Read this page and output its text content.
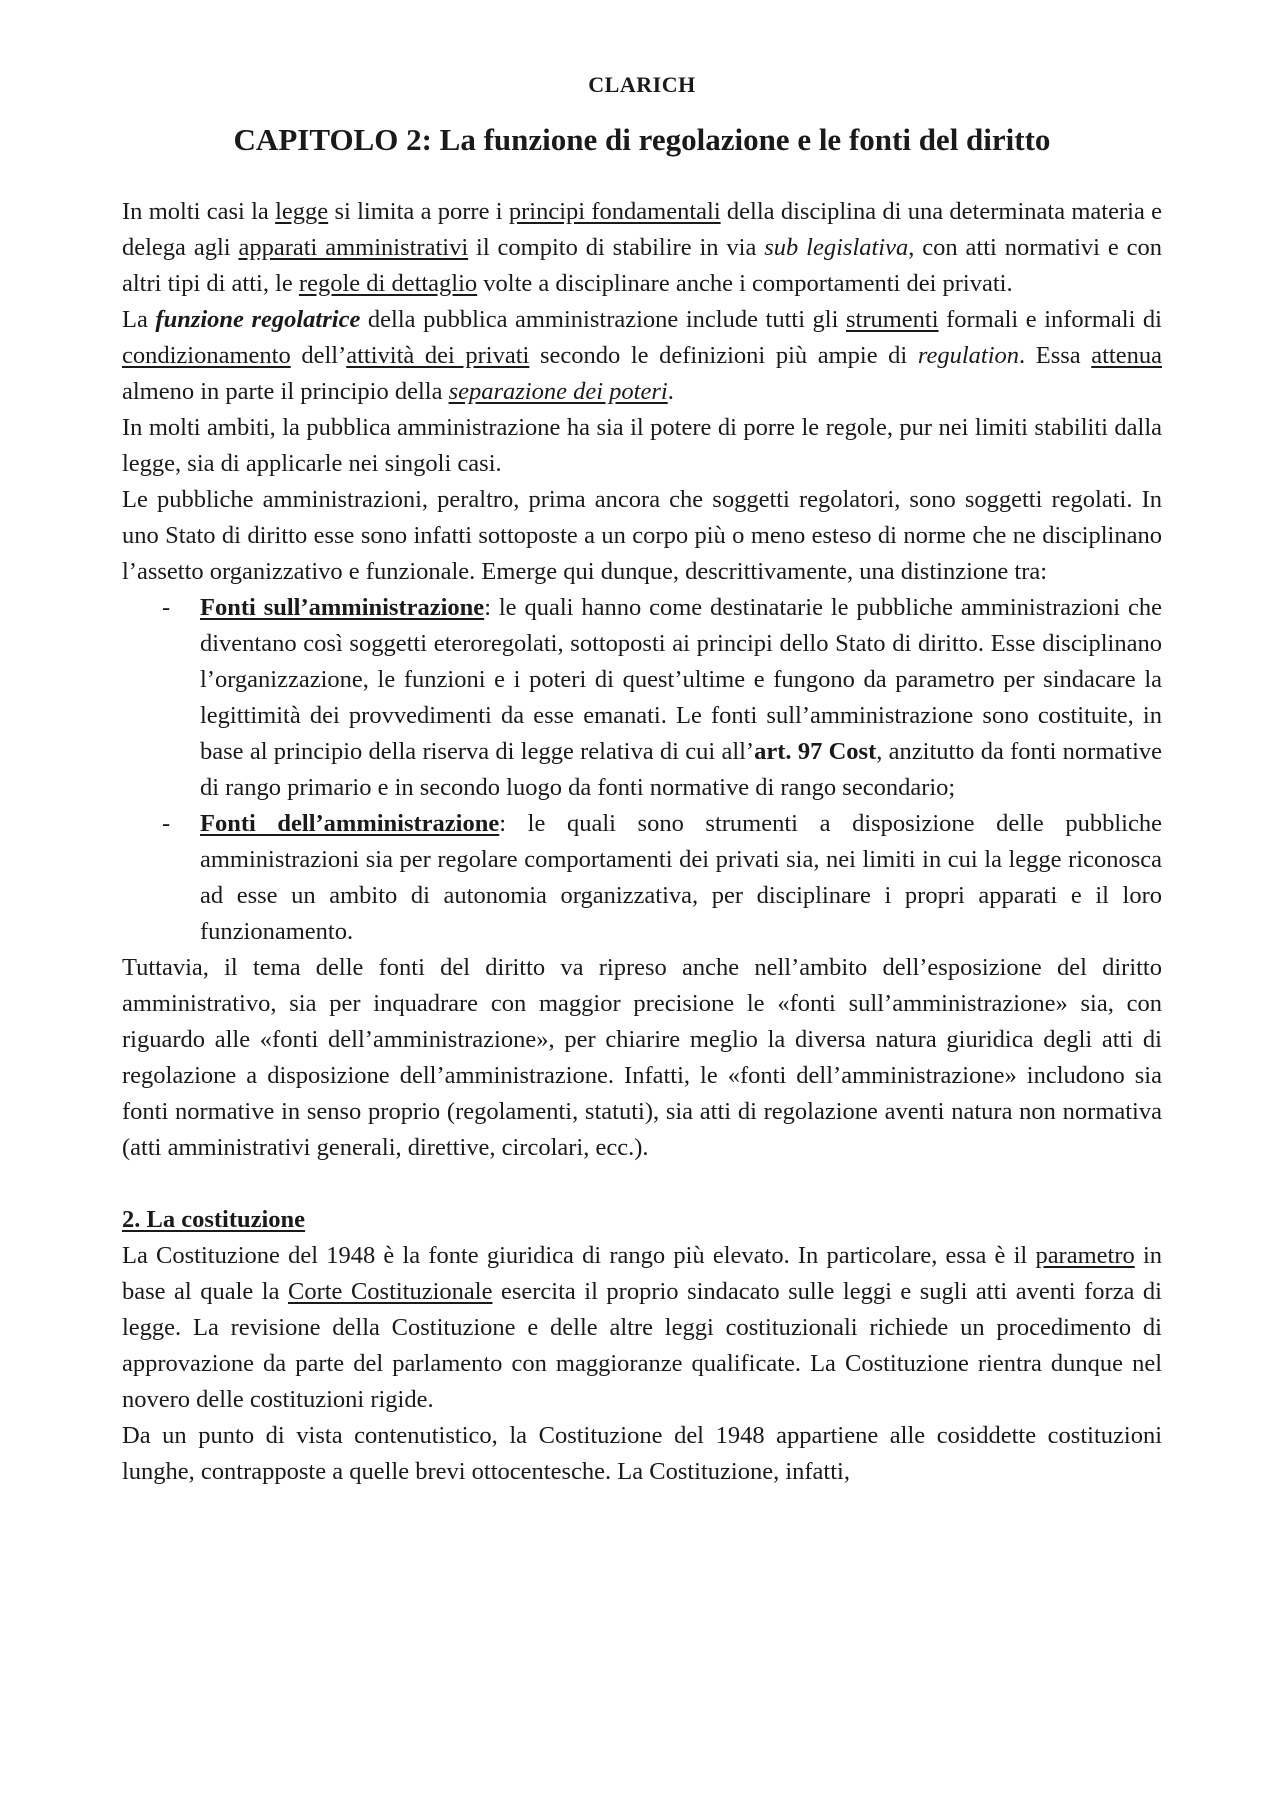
CLARICH
CAPITOLO 2: La funzione di regolazione e le fonti del diritto

In molti casi la legge si limita a porre i principi fondamentali della disciplina di una determinata materia e delega agli apparati amministrativi il compito di stabilire in via sub legislativa, con atti normativi e con altri tipi di atti, le regole di dettaglio volte a disciplinare anche i comportamenti dei privati.

La funzione regolatrice della pubblica amministrazione include tutti gli strumenti formali e informali di condizionamento dell’attività dei privati secondo le definizioni più ampie di regulation. Essa attenua almeno in parte il principio della separazione dei poteri.

In molti ambiti, la pubblica amministrazione ha sia il potere di porre le regole, pur nei limiti stabiliti dalla legge, sia di applicarle nei singoli casi.

Le pubbliche amministrazioni, peraltro, prima ancora che soggetti regolatori, sono soggetti regolati. In uno Stato di diritto esse sono infatti sottoposte a un corpo più o meno esteso di norme che ne disciplinano l’assetto organizzativo e funzionale. Emerge qui dunque, descrittivamente, una distinzione tra:

- Fonti sull’amministrazione: le quali hanno come destinatarie le pubbliche amministrazioni che diventano così soggetti eteroregolati, sottoposti ai principi dello Stato di diritto. Esse disciplinano l’organizzazione, le funzioni e i poteri di quest’ultime e fungono da parametro per sindacare la legittimità dei provvedimenti da esse emanati. Le fonti sull’amministrazione sono costituite, in base al principio della riserva di legge relativa di cui all’art. 97 Cost, anzitutto da fonti normative di rango primario e in secondo luogo da fonti normative di rango secondario;
- Fonti dell’amministrazione: le quali sono strumenti a disposizione delle pubbliche amministrazioni sia per regolare comportamenti dei privati sia, nei limiti in cui la legge riconosca ad esse un ambito di autonomia organizzativa, per disciplinare i propri apparati e il loro funzionamento.

Tuttavia, il tema delle fonti del diritto va ripreso anche nell’ambito dell’esposizione del diritto amministrativo, sia per inquadrare con maggior precisione le «fonti sull’amministrazione» sia, con riguardo alle «fonti dell’amministrazione», per chiarire meglio la diversa natura giuridica degli atti di regolazione a disposizione dell’amministrazione. Infatti, le «fonti dell’amministrazione» includono sia fonti normative in senso proprio (regolamenti, statuti), sia atti di regolazione aventi natura non normativa (atti amministrativi generali, direttive, circolari, ecc.).

2. La costituzione

La Costituzione del 1948 è la fonte giuridica di rango più elevato. In particolare, essa è il parametro in base al quale la Corte Costituzionale esercita il proprio sindacato sulle leggi e sugli atti aventi forza di legge. La revisione della Costituzione e delle altre leggi costituzionali richiede un procedimento di approvazione da parte del parlamento con maggioranze qualificate. La Costituzione rientra dunque nel novero delle costituzioni rigide.

Da un punto di vista contenutistico, la Costituzione del 1948 appartiene alle cosiddette costituzioni lunghe, contrapposte a quelle brevi ottocentesche. La Costituzione, infatti,
